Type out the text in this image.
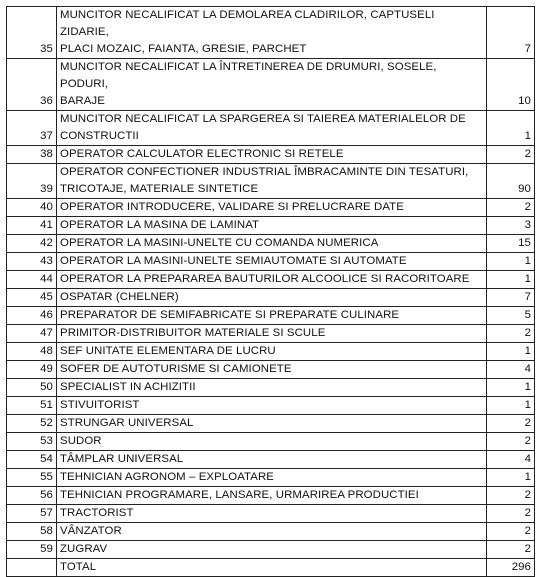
35	MUNCITOR NECALIFICAT LA DEMOLAREA CLADIRILOR, CAPTUSELI ZIDARIE,
PLACI MOZAIC, FAIANTA, GRESIE, PARCHET	7
36	MUNCITOR NECALIFICAT LA ÎNTRETINEREA DE DRUMURI, SOSELE, PODURI,
BARAJE	10
37	MUNCITOR NECALIFICAT LA SPARGEREA SI TAIEREA MATERIALELOR DE
CONSTRUCTII	1
38	OPERATOR CALCULATOR ELECTRONIC SI RETELE	2
39	OPERATOR CONFECTIONER INDUSTRIAL ÎMBRACAMINTE DIN TESATURI,
TRICOTAJE, MATERIALE SINTETICE	90
40	OPERATOR INTRODUCERE, VALIDARE SI PRELUCRARE DATE	2
41	OPERATOR LA MASINA DE LAMINAT	3
42	OPERATOR LA MASINI-UNELTE CU COMANDA NUMERICA	15
43	OPERATOR LA MASINI-UNELTE SEMIAUTOMATE SI AUTOMATE	1
44	OPERATOR LA PREPARAREA BAUTURILOR ALCOOLICE SI RACORITOARE	1
45	OSPATAR (CHELNER)	7
46	PREPARATOR DE SEMIFABRICATE SI PREPARATE CULINARE	5
47	PRIMITOR-DISTRIBUITOR MATERIALE SI SCULE	2
48	SEF UNITATE ELEMENTARA DE LUCRU	1
49	SOFER DE AUTOTURISME SI CAMIONETE	4
50	SPECIALIST IN ACHIZITII	1
51	STIVUITORIST	1
52	STRUNGAR UNIVERSAL	2
53	SUDOR	2
54	TÂMPLAR UNIVERSAL	4
55	TEHNICIAN AGRONOM – EXPLOATARE	1
56	TEHNICIAN PROGRAMARE, LANSARE, URMARIREA PRODUCTIEI	2
57	TRACTORIST	2
58	VÂNZATOR	2
59	ZUGRAV	2
	TOTAL	296
